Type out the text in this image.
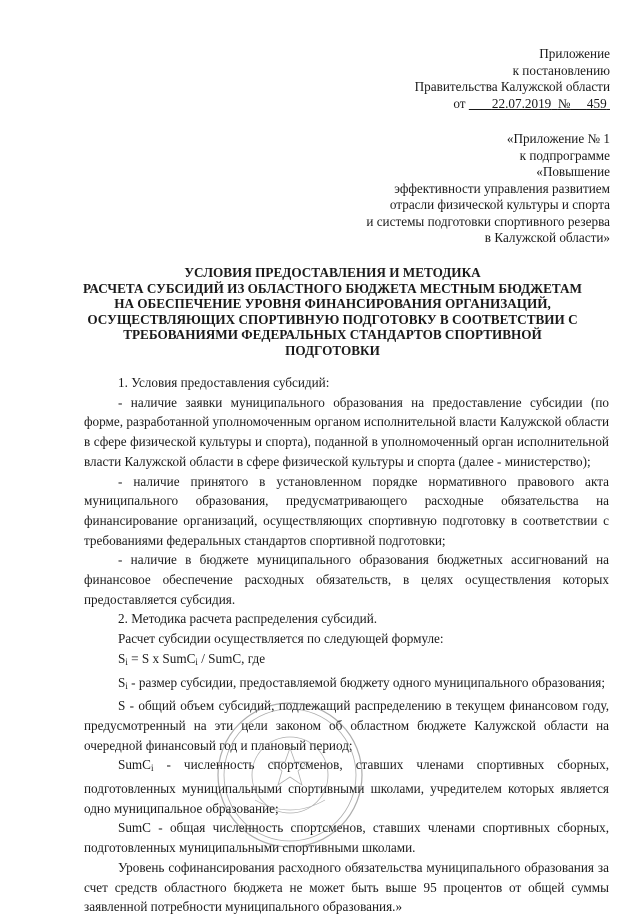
Приложение
к постановлению
Правительства Калужской области
от 22.07.2019 № 459
«Приложение № 1
к подпрограмме
«Повышение
эффективности управления развитием
отрасли физической культуры и спорта
и системы подготовки спортивного резерва
в Калужской области»
УСЛОВИЯ ПРЕДОСТАВЛЕНИЯ И МЕТОДИКА
РАСЧЕТА СУБСИДИЙ ИЗ ОБЛАСТНОГО БЮДЖЕТА МЕСТНЫМ БЮДЖЕТАМ
НА ОБЕСПЕЧЕНИЕ УРОВНЯ ФИНАНСИРОВАНИЯ ОРГАНИЗАЦИЙ,
ОСУЩЕСТВЛЯЮЩИХ СПОРТИВНУЮ ПОДГОТОВКУ В СООТВЕТСТВИИ С
ТРЕБОВАНИЯМИ ФЕДЕРАЛЬНЫХ СТАНДАРТОВ СПОРТИВНОЙ
ПОДГОТОВКИ
1. Условия предоставления субсидий:
- наличие заявки муниципального образования на предоставление субсидии (по форме, разработанной уполномоченным органом исполнительной власти Калужской области в сфере физической культуры и спорта), поданной в уполномоченный орган исполнительной власти Калужской области в сфере физической культуры и спорта (далее - министерство);
- наличие принятого в установленном порядке нормативного правового акта муниципального образования, предусматривающего расходные обязательства на финансирование организаций, осуществляющих спортивную подготовку в соответствии с требованиями федеральных стандартов спортивной подготовки;
- наличие в бюджете муниципального образования бюджетных ассигнований на финансовое обеспечение расходных обязательств, в целях осуществления которых предоставляется субсидия.
2. Методика расчета распределения субсидий.
Расчет субсидии осуществляется по следующей формуле:
$S_i = S$ x SumC$_i$ / SumC, где
$S_i$ - размер субсидии, предоставляемой бюджету одного муниципального образования;
S - общий объем субсидий, подлежащий распределению в текущем финансовом году, предусмотренный на эти цели законом об областном бюджете Калужской области на очередной финансовый год и плановый период;
SumC$_i$ - численность спортсменов, ставших членами спортивных сборных, подготовленных муниципальными спортивными школами, учредителем которых является одно муниципальное образование;
SumC - общая численность спортсменов, ставших членами спортивных сборных, подготовленных муниципальными спортивными школами.
Уровень софинансирования расходного обязательства муниципального образования за счет средств областного бюджета не может быть выше 95 процентов от общей суммы заявленной потребности муниципального образования.»
